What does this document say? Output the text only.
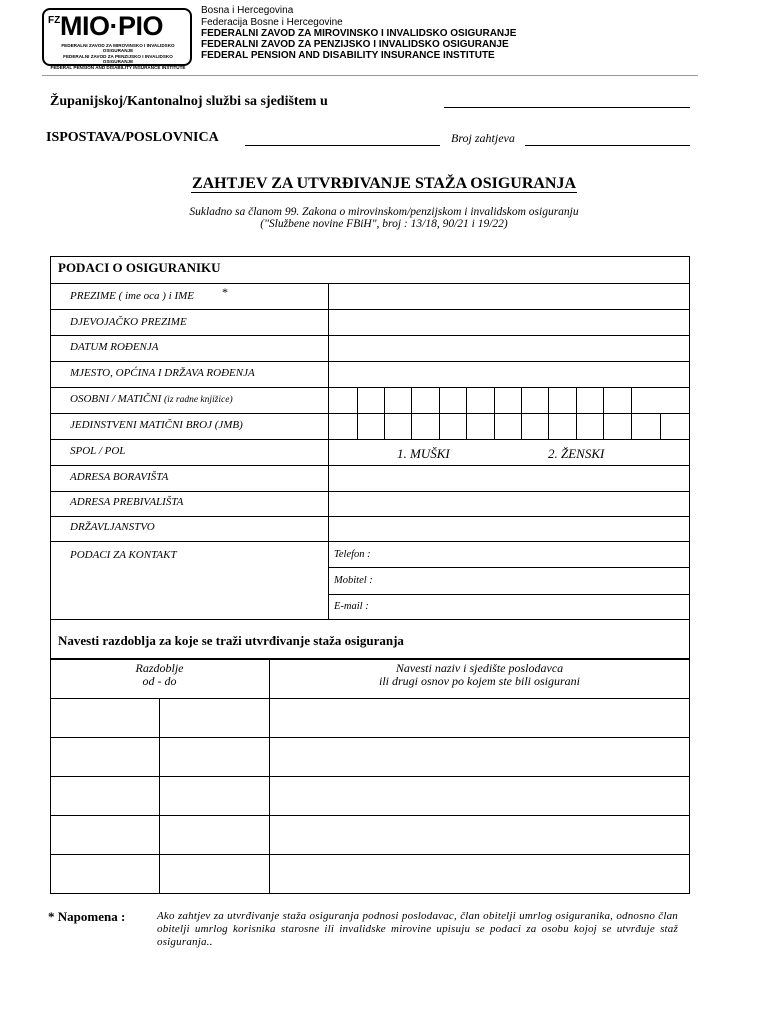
FZ MIO·PIO
FEDERALNI ZAVOD ZA MIROVINSKO I INVALIDSKO OSIGURANJE
FEDERALNI ZAVOD ZA PENZIJSKO I INVALIDSKO OSIGURANJE
FEDERAL PENSION AND DISABILITY INSURANCE INSTITUTE
Bosna i Hercegovina
Federacija Bosne i Hercegovine
FEDERALNI ZAVOD ZA MIROVINSKO I INVALIDSKO OSIGURANJE
FEDERALNI ZAVOD ZA PENZIJSKO I INVALIDSKO OSIGURANJE
FEDERAL PENSION AND DISABILITY INSURANCE INSTITUTE
Županijskoj/Kantonalnoj službi sa sjedištem u
ISPOSTAVA/POSLOVNICA	Broj zahtjeva
ZAHTJEV ZA UTVRĐIVANJE STAŽA OSIGURANJA
Sukladno sa članom 99. Zakona o mirovinskom/penzijskom i invalidskom osiguranju
("Službene novine FBiH", broj : 13/18, 90/21 i 19/22)
PODACI O OSIGURANIKU
PREZIME ( ime oca ) i IME *
DJEVOJAČKO PREZIME
DATUM ROĐENJA
MJESTO, OPĆINA I DRŽAVA ROĐENJA
OSOBNI / MATIČNI (iz radne knjižice)
JEDINSTVENI MATIČNI BROJ (JMB)
SPOL / POL	1. MUŠKI	2. ŽENSKI
ADRESA BORAVIŠTA
ADRESA PREBIVALIŠTA
DRŽAVLJANSTVO
PODACI ZA KONTAKT	Telefon :
Mobitel :
E-mail :
Navesti razdoblja za koje se traži utvrđivanje staža osiguranja
Razdoblje
od - do
Navesti naziv i sjedište poslodavca
ili drugi osnov po kojem ste bili osigurani
* Napomena :	Ako zahtjev za utvrđivanje staža osiguranja podnosi poslodavac, član obitelji umrlog osiguranika, odnosno član obitelji umrlog korisnika starosne ili invalidske mirovine upisuju se podaci za osobu kojoj se utvrđuje staž osiguranja..
